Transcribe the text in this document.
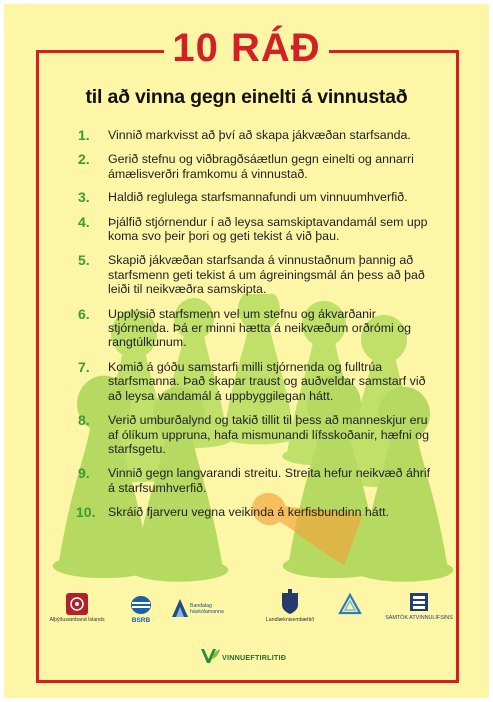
10 RÁÐ
til að vinna gegn einelti á vinnustað
1. Vinnið markvisst að því að skapa jákvæðan starfsanda.
2. Gerið stefnu og viðbragðsáætlun gegn einelti og annarri ámælisverðri framkomu á vinnustað.
3. Haldið reglulega starfsmannafundi um vinnuumhverfið.
4. Þjálfið stjórnendur í að leysa samskiptavandamál sem upp koma svo þeir þori og geti tekist á við þau.
5. Skapið jákvæðan starfsanda á vinnustaðnum þannig að starfsmenn geti tekist á um ágreiningsmál án þess að það leiði til neikvæðra samskipta.
6. Upplýsið starfsmenn vel um stefnu og ákvarðanir stjórnenda. Þá er minni hætta á neikvæðum orðrómi og rangtúlkunum.
7. Komið á góðu samstarfi milli stjórnenda og fulltrúa starfsmanna. Það skapar traust og auðveldar samstarf við að leysa vandamál á uppbyggilegan hátt.
8. Verið umburðalynd og takið tillit til þess að manneskjur eru af ólíkum uppruna, hafa mismunandi lífsskoðanir, hæfni og starfsgetu.
9. Vinnið gegn langvarandi streitu. Streita hefur neikvæð áhrif á starfsumhverfið.
10. Skráið fjarveru vegna veikinda á kerfisbundinn hátt.
Alþýðusamband Íslands	BSRB
Bandalag háskólamanna
Landlæknisembættið	SAMTÖK ATVINNULÍFSINS
VINNUEFTIRLITIÐ
